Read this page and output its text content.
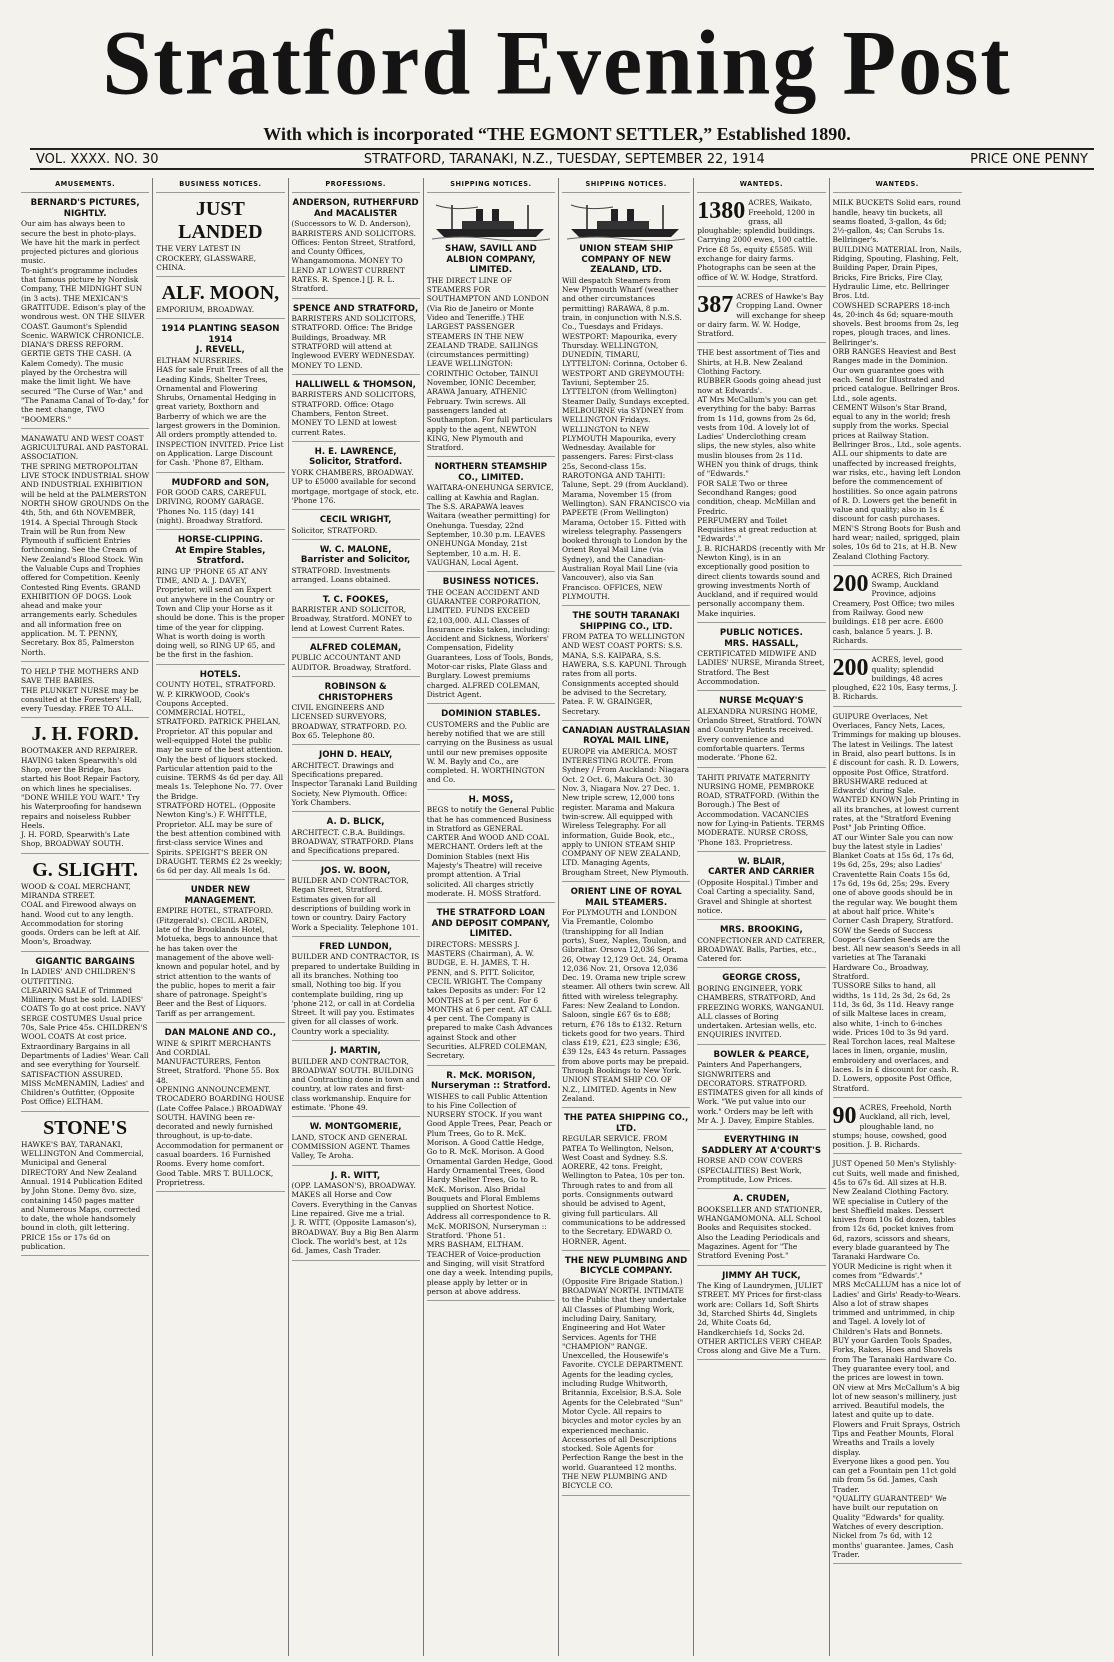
Stratford Evening Post
With which is incorporated “THE EGMONT SETTLER,” Established 1890.
VOL. XXXX. NO. 30	STRATFORD, TARANAKI, N.Z., TUESDAY, SEPTEMBER 22, 1914	PRICE ONE PENNY
AMUSEMENTS.
BERNARD'S PICTURES,
NIGHTLY.
Our aim has always been to secure the best in photo-plays. We have hit the mark in perfect projected pictures and glorious music.
To-night's programme includes that famous picture by Nordisk Company, THE MIDNIGHT SUN (in 3 acts). THE MEXICAN'S GRATITUDE. Edison's play of the wondrous west. ON THE SILVER COAST. Gaumont's Splendid Scenic. WARWICK CHRONICLE. DIANA'S DRESS REFORM. GERTIE GETS THE CASH. (A Kalem Comedy). The music played by the Orchestra will make the limit light. We have secured "The Curse of War," and "The Panama Canal of To-day," for the next change, TWO "BOOMERS."
MANAWATU AND WEST COAST AGRICULTURAL AND PASTORAL ASSOCIATION.
THE SPRING METROPOLITAN LIVE STOCK INDUSTRIAL SHOW AND INDUSTRIAL EXHIBITION will be held at the PALMERSTON NORTH SHOW GROUNDS On the 4th, 5th, and 6th NOVEMBER, 1914. A Special Through Stock Train will be Run from New Plymouth if sufficient Entries forthcoming. See the Cream of New Zealand's Blood Stock. Win the Valuable Cups and Trophies offered for Competition. Keenly Contested Ring Events. GRAND EXHIBITION OF DOGS. Look ahead and make your arrangements early. Schedules and all information free on application. M. T. PENNY, Secretary. Box 85, Palmerston North.
TO HELP THE MOTHERS AND SAVE THE BABIES.
THE PLUNKET NURSE may be consulted at the Foresters' Hall, every Tuesday. FREE TO ALL.
J. H. FORD.
BOOTMAKER AND REPAIRER. HAVING taken Spearwith's old Shop, over the Bridge, has started his Boot Repair Factory, on which lines he specialises. "DONE WHILE YOU WAIT." Try his Waterproofing for handsewn repairs and noiseless Rubber Heels.
J. H. FORD, Spearwith's Late Shop, BROADWAY SOUTH.
G. SLIGHT.
WOOD & COAL MERCHANT, MIRANDA STREET.
COAL and Firewood always on hand. Wood cut to any length. Accommodation for storing goods. Orders can be left at Alf. Moon's, Broadway.
GIGANTIC BARGAINS
In LADIES' AND CHILDREN'S OUTFITTING.
CLEARING SALE of Trimmed Millinery. Must be sold. LADIES' COATS To go at cost price. NAVY SERGE COSTUMES Usual price 70s, Sale Price 45s. CHILDREN'S WOOL COATS At cost price. Extraordinary Bargains in all Departments of Ladies' Wear. Call and see everything for Yourself. SATISFACTION ASSURED.
MISS McMENAMIN, Ladies' and Children's Outfitter, (Opposite Post Office) ELTHAM.
STONE'S
HAWKE'S BAY, TARANAKI, WELLINGTON And Commercial, Municipal and General DIRECTORY And New Zealand Annual. 1914 Publication Edited by John Stone. Demy 8vo. size, containing 1450 pages matter and Numerous Maps, corrected to date, the whole handsomely bound in cloth, gilt lettering. PRICE 15s or 17s 6d on publication.
BUSINESS NOTICES.
JUST
LANDED
THE VERY LATEST IN CROCKERY, GLASSWARE, CHINA.
ALF. MOON,
EMPORIUM, BROADWAY.
1914 PLANTING SEASON 1914
J. REVELL,
ELTHAM NURSERIES.
HAS for sale Fruit Trees of all the Leading Kinds, Shelter Trees, Ornamental and Flowering Shrubs, Ornamental Hedging in great variety, Boxthorn and Barberry of which we are the largest growers in the Dominion. All orders promptly attended to. INSPECTION INVITED. Price List on Application. Large Discount for Cash. 'Phone 87, Eltham.
MUDFORD and SON,
FOR GOOD CARS, CAREFUL DRIVING, ROOMY GARAGE. 'Phones No. 115 (day) 141 (night). Broadway Stratford.
HORSE-CLIPPING.
At Empire Stables, Stratford.
RING UP 'PHONE 65 AT ANY TIME, AND A. J. DAVEY, Proprietor, will send an Expert out anywhere in the Country or Town and Clip your Horse as it should be done. This is the proper time of the year for clipping. What is worth doing is worth doing well, so RING UP 65, and be the first in the fashion.
HOTELS.
COUNTY HOTEL, STRATFORD. W. P. KIRKWOOD, Cook's Coupons Accepted.
COMMERCIAL HOTEL, STRATFORD. PATRICK PHELAN, Proprietor. AT this popular and well-equipped Hotel the public may be sure of the best attention. Only the best of liquors stocked. Particular attention paid to the cuisine. TERMS 4s 6d per day. All meals 1s. Telephone No. 77. Over the Bridge.
STRATFORD HOTEL. (Opposite Newton King's.) F. WHITTLE, Proprietor. ALL may be sure of the best attention combined with first-class service Wines and Spirits. SPEIGHT'S BEER ON DRAUGHT. TERMS £2 2s weekly; 6s 6d per day. All meals 1s 6d.
UNDER NEW MANAGEMENT.
EMPIRE HOTEL, STRATFORD. (Fitzgerald's). CECIL ARDEN, late of the Brooklands Hotel, Motueka, begs to announce that he has taken over the management of the above well-known and popular hotel, and by strict attention to the wants of the public, hopes to merit a fair share of patronage. Speight's Beer and the Best of Liquors. Tariff as per arrangement.
DAN MALONE AND CO.,
WINE & SPIRIT MERCHANTS And CORDIAL MANUFACTURERS, Fenton Street, Stratford. 'Phone 55. Box 48.
OPENING ANNOUNCEMENT. TROCADERO BOARDING HOUSE (Late Coffee Palace.) BROADWAY SOUTH. HAVING been re-decorated and newly furnished throughout, is up-to-date. Accommodation for permanent or casual boarders. 16 Furnished Rooms. Every home comfort. Good Table. MRS T. BULLOCK, Proprietress.
PROFESSIONS.
ANDERSON, RUTHERFURD
And MACALISTER
(Successors to W. D. Anderson), BARRISTERS AND SOLICITORS. Offices: Fenton Street, Stratford, and County Offices, Whangamomona. MONEY TO LEND AT LOWEST CURRENT RATES. R. Spence.] [J. R. L. Stratford.
SPENCE AND STRATFORD,
BARRISTERS AND SOLICITORS, STRATFORD. Office: The Bridge Buildings, Broadway. MR STRATFORD will attend at Inglewood EVERY WEDNESDAY. MONEY TO LEND.
HALLIWELL & THOMSON,
BARRISTERS AND SOLICITORS, STRATFORD. Office: Otago Chambers, Fenton Street. MONEY TO LEND at lowest current Rates.
H. E. LAWRENCE,
Solicitor, Stratford.
YORK CHAMBERS, BROADWAY. UP to £5000 available for second mortgage, mortgage of stock, etc. 'Phone 176.
CECIL WRIGHT,
Solicitor, STRATFORD.
W. C. MALONE,
Barrister and Solicitor,
STRATFORD. Investments arranged. Loans obtained.
T. C. FOOKES,
BARRISTER AND SOLICITOR, Broadway, Stratford. MONEY to lend at Lowest Current Rates.
ALFRED COLEMAN,
PUBLIC ACCOUNTANT AND AUDITOR. Broadway, Stratford.
ROBINSON & CHRISTOPHERS
CIVIL ENGINEERS AND LICENSED SURVEYORS, BROADWAY, STRATFORD. P.O. Box 65. Telephone 80.
JOHN D. HEALY,
ARCHITECT. Drawings and Specifications prepared. Inspector Taranaki Land Building Society, New Plymouth. Office: York Chambers.
A. D. BLICK,
ARCHITECT. C.B.A. Buildings. BROADWAY, STRATFORD. Plans and Specifications prepared.
JOS. W. BOON,
BUILDER AND CONTRACTOR, Regan Street, Stratford. Estimates given for all descriptions of building work in town or country. Dairy Factory Work a Speciality. Telephone 101.
FRED LUNDON,
BUILDER AND CONTRACTOR, IS prepared to undertake Building in all its branches. Nothing too small, Nothing too big. If you contemplate building, ring up 'phone 212, or call in at Cordelia Street. It will pay you. Estimates given for all classes of work. Country work a speciality.
J. MARTIN,
BUILDER AND CONTRACTOR, BROADWAY SOUTH. BUILDING and Contracting done in town and country, at low rates and first-class workmanship. Enquire for estimate. 'Phone 49.
W. MONTGOMERIE,
LAND, STOCK AND GENERAL COMMISSION AGENT. Thames Valley, Te Aroha.
J. R. WITT,
(OPP. LAMASON'S), BROADWAY. MAKES all Horse and Cow Covers. Everything in the Canvas Line repaired. Give me a trial.
J. R. WITT, (Opposite Lamason's), BROADWAY. Buy a Big Ben Alarm Clock. The world's best, at 12s 6d. James, Cash Trader.
SHIPPING NOTICES.
SHAW, SAVILL AND ALBION COMPANY, LIMITED.
THE DIRECT LINE OF STEAMERS FOR SOUTHAMPTON AND LONDON (Via Rio de Janeiro or Monte Video and Teneriffe.) THE LARGEST PASSENGER STEAMERS IN THE NEW ZEALAND TRADE. SAILINGS (circumstances permitting) LEAVE WELLINGTON: CORINTHIC October, TAINUI November, IONIC December, ARAWA January, ATHENIC February. Twin screws. All passengers landed at Southampton. For full particulars apply to the agent, NEWTON KING, New Plymouth and Stratford.
NORTHERN STEAMSHIP CO., LIMITED.
WAITARA-ONEHUNGA SERVICE, calling at Kawhia and Raglan. The S.S. ARAPAWA leaves Waitara (weather permitting) for Onehunga. Tuesday, 22nd September, 10.30 p.m. LEAVES ONEHUNGA Monday, 21st September, 10 a.m. H. E. VAUGHAN, Local Agent.
BUSINESS NOTICES.
THE OCEAN ACCIDENT AND GUARANTEE CORPORATION, LIMITED. FUNDS EXCEED £2,103,000. ALL Classes of Insurance risks taken, including: Accident and Sickness, Workers' Compensation, Fidelity Guarantees, Loss of Tools, Bonds, Motor-car risks, Plate Glass and Burglary. Lowest premiums charged. ALFRED COLEMAN, District Agent.
DOMINION STABLES.
CUSTOMERS and the Public are hereby notified that we are still carrying on the Business as usual until our new premises opposite W. M. Bayly and Co., are completed. H. WORTHINGTON and Co.
H. MOSS,
BEGS to notify the General Public that he has commenced Business in Stratford as GENERAL CARTER And WOOD AND COAL MERCHANT. Orders left at the Dominion Stables (next His Majesty's Theatre) will receive prompt attention. A Trial solicited. All charges strictly moderate. H. MOSS Stratford.
THE STRATFORD LOAN AND DEPOSIT COMPANY, LIMITED.
DIRECTORS: MESSRS J. MASTERS (Chairman), A. W. BUDGE, E. H. JAMES, T. H. PENN, and S. PITT. Solicitor, CECIL WRIGHT. The Company takes Deposits as under: For 12 MONTHS at 5 per cent. For 6 MONTHS at 6 per cent. AT CALL 4 per cent. The Company is prepared to make Cash Advances against Stock and other Securities. ALFRED COLEMAN, Secretary.
R. McK. MORISON,
Nurseryman :: Stratford.
WISHES to call Public Attention to his Fine Collection of NURSERY STOCK. If you want Good Apple Trees, Pear, Peach or Plum Trees, Go to R. McK. Morison. A Good Cattle Hedge, Go to R. McK. Morison. A Good Ornamental Garden Hedge, Good Hardy Ornamental Trees, Good Hardy Shelter Trees, Go to R. McK. Morison. Also Bridal Bouquets and Floral Emblems supplied on Shortest Notice. Address all correspondence to R. McK. MORISON, Nurseryman :: Stratford. 'Phone 51.
MRS BASHAM, ELTHAM. TEACHER of Voice-production and Singing, will visit Stratford one day a week. Intending pupils, please apply by letter or in person at above address.
SHIPPING NOTICES.
UNION STEAM SHIP COMPANY OF NEW ZEALAND, LTD.
Will despatch Steamers from New Plymouth Wharf (weather and other circumstances permitting) RARAWA, 8 p.m. train, in conjunction with N.S.S. Co., Tuesdays and Fridays. WESTPORT: Mapourika, every Thursday. WELLINGTON, DUNEDIN, TIMARU, LYTTELTON: Corinna, October 6. WESTPORT AND GREYMOUTH: Taviuni, September 25. LYTTELTON (from Wellington) Steamer Daily, Sundays excepted. MELBOURNE via SYDNEY from WELLINGTON Fridays. WELLINGTON to NEW PLYMOUTH Mapourika, every Wednesday. Available for passengers. Fares: First-class 25s, Second-class 15s. RAROTONGA AND TAHITI: Talune, Sept. 29 (from Auckland). Marama, November 15 (from Wellington). SAN FRANCISCO via PAPEETE (From Wellington) Marama, October 15. Fitted with wireless telegraphy. Passengers booked through to London by the Orient Royal Mail Line (via Sydney), and the Canadian-Australian Royal Mail Line (via Vancouver), also via San Francisco. OFFICES, NEW PLYMOUTH.
THE SOUTH TARANAKI SHIPPING CO., LTD.
FROM PATEA TO WELLINGTON AND WEST COAST PORTS: S.S. MANA, S.S. KAIPARA, S.S. HAWERA, S.S. KAPUNI. Through rates from all ports. Consignments accepted should be advised to the Secretary, Patea. F. W. GRAINGER, Secretary.
CANADIAN AUSTRALASIAN ROYAL MAIL LINE,
EUROPE via AMERICA. MOST INTERESTING ROUTE. From Sydney / From Auckland: Niagara Oct. 2 Oct. 6, Makura Oct. 30 Nov. 3, Niagara Nov. 27 Dec. 1. New triple screw, 12,000 tons register. Marama and Makura twin-screw. All equipped with Wireless Telegraphy. For all information, Guide Book, etc., apply to UNION STEAM SHIP COMPANY OF NEW ZEALAND, LTD. Managing Agents, Brougham Street, New Plymouth.
ORIENT LINE OF ROYAL MAIL STEAMERS.
For PLYMOUTH and LONDON Via Fremantle, Colombo (transhipping for all Indian ports), Suez, Naples, Toulon, and Gibraltar. Orsova 12,036 Sept. 26, Otway 12,129 Oct. 24, Orama 12,036 Nov. 21, Orsova 12,036 Dec. 19. Orama new triple screw steamer. All others twin screw. All fitted with wireless telegraphy. Fares: New Zealand to London. Saloon, single £67 6s to £88; return, £76 18s to £132. Return tickets good for two years. Third class £19, £21, £23 single; £36, £39 12s, £43 4s return. Passages from above ports may be prepaid. Through Bookings to New York. UNION STEAM SHIP CO. OF N.Z., LIMITED. Agents in New Zealand.
THE PATEA SHIPPING CO., LTD.
REGULAR SERVICE. FROM PATEA To Wellington, Nelson, West Coast and Sydney. S.S. AORERE, 42 tons. Freight, Wellington to Patea, 10s per ton. Through rates to and from all ports. Consignments outward should be advised to Agent, giving full particulars. All communications to be addressed to the Secretary. EDWARD O. HORNER, Agent.
THE NEW PLUMBING AND BICYCLE COMPANY.
(Opposite Fire Brigade Station.) BROADWAY NORTH. INTIMATE to the Public that they undertake All Classes of Plumbing Work, including Dairy, Sanitary, Engineering and Hot Water Services. Agents for THE "CHAMPION" RANGE. Unexcelled, the Housewife's Favorite. CYCLE DEPARTMENT. Agents for the leading cycles, including Rudge Whitworth, Britannia, Excelsior, B.S.A. Sole Agents for the Celebrated "Sun" Motor Cycle. All repairs to bicycles and motor cycles by an experienced mechanic. Accessories of all Descriptions stocked. Sole Agents for Perfection Range the best in the world. Guaranteed 12 months. THE NEW PLUMBING AND BICYCLE CO.
WANTEDS.
1380 ACRES, Waikato, Freehold, 1200 in grass, all ploughable; splendid buildings. Carrying 2000 ewes, 100 cattle. Price £8 5s, equity £5585. Will exchange for dairy farms. Photographs can be seen at the office of W. W. Hodge, Stratford.
387 ACRES of Hawke's Bay Cropping Land. Owner will exchange for sheep or dairy farm. W. W. Hodge, Stratford.
THE best assortment of Ties and Shirts, at H.B. New Zealand Clothing Factory.
RUBBER Goods going ahead just now at Edwards'.
AT Mrs McCallum's you can get everything for the baby: Barras from 1s 11d, gowns from 2s 6d, vests from 10d. A lovely lot of Ladies' Underclothing cream slips, the new styles, also white muslin blouses from 2s 11d.
WHEN you think of drugs, think of "Edwards."
FOR SALE Two or three Secondhand Ranges; good condition, cheap. McMillan and Fredric.
PERFUMERY and Toilet Requisites at great reduction at "Edwards'."
J. B. RICHARDS (recently with Mr Newton King), is in an exceptionally good position to direct clients towards sound and growing investments North of Auckland, and if required would personally accompany them. Make inquiries.
PUBLIC NOTICES.
MRS. HASSALL,
CERTIFICATED MIDWIFE AND LADIES' NURSE, Miranda Street, Stratford. The Best Accommodation.
NURSE McQUAY'S
ALEXANDRA NURSING HOME, Orlando Street, Stratford. TOWN and Country Patients received. Every convenience and comfortable quarters. Terms moderate. 'Phone 62.
TAHITI PRIVATE MATERNITY NURSING HOME, PEMBROKE ROAD, STRATFORD. (Within the Borough.) The Best of Accommodation. VACANCIES now for Lying-in Patients. TERMS MODERATE. NURSE CROSS, 'Phone 183. Proprietress.
W. BLAIR,
CARTER AND CARRIER
(Opposite Hospital.) Timber and Coal Carting a speciality. Sand, Gravel and Shingle at shortest notice.
MRS. BROOKING,
CONFECTIONER AND CATERER, BROADWAY. Balls, Parties, etc., Catered for.
GEORGE CROSS,
BORING ENGINEER, YORK CHAMBERS, STRATFORD, And FREEZING WORKS, WANGANUI. ALL classes of Boring undertaken. Artesian wells, etc. ENQUIRIES INVITED.
BOWLER & PEARCE,
Painters And Paperhangers, SIGNWRITERS and DECORATORS. STRATFORD. ESTIMATES given for all kinds of Work. "We put value into our work." Orders may be left with Mr A. J. Davey, Empire Stables.
EVERYTHING IN SADDLERY AT A'COURT'S
HORSE AND COW COVERS (SPECIALITIES) Best Work, Promptitude, Low Prices.
A. CRUDEN,
BOOKSELLER AND STATIONER, WHANGAMOMONA. ALL School Books and Requisites stocked. Also the Leading Periodicals and Magazines. Agent for "The Stratford Evening Post."
JIMMY AH TUCK,
The King of Laundrymen, JULIET STREET. MY Prices for first-class work are: Collars 1d, Soft Shirts 3d, Starched Shirts 4d, Singlets 2d, White Coats 6d, Handkerchiefs 1d, Socks 2d. OTHER ARTICLES VERY CHEAP. Cross along and Give Me a Turn.
WANTEDS.
MILK BUCKETS Solid ears, round handle, heavy tin buckets, all seams floated, 3-gallon, 4s 6d; 2½-gallon, 4s; Can Scrubs 1s. Bellringer's.
BUILDING MATERIAL Iron, Nails, Ridging, Spouting, Flashing, Felt, Building Paper, Drain Pipes, Bricks, Fire Bricks, Fire Clay, Hydraulic Lime, etc. Bellringer Bros. Ltd.
COWSHED SCRAPERS 18-inch 4s, 20-inch 4s 6d; square-mouth shovels. Best brooms from 2s, leg ropes, plough traces, and lines. Bellringer's.
ORB RANGES Heaviest and Best Ranges made in the Dominion. Our own guarantee goes with each. Send for Illustrated and priced catalogue. Bellringer Bros. Ltd., sole agents.
CEMENT Wilson's Star Brand, equal to any in the world; fresh supply from the works. Special prices at Railway Station. Bellringer Bros., Ltd., sole agents.
ALL our shipments to date are unaffected by increased freights, war risks, etc., having left London before the commencement of hostilities. So once again patrons of R. D. Lowers get the benefit in value and quality; also in 1s £ discount for cash purchases.
MEN'S Strong Boots for Bush and hard wear; nailed, sprigged, plain soles, 10s 6d to 21s, at H.B. New Zealand Clothing Factory.
200 ACRES, Rich Drained Swamp, Auckland Province, adjoins Creamery, Post Office; two miles from Railway. Good new buildings. £18 per acre. £600 cash, balance 5 years. J. B. Richards.
200 ACRES, level, good quality; splendid buildings, 48 acres ploughed, £22 10s, Easy terms, J. B. Richards.
GUIPURE Overlaces, Net Overlaces, Fancy Nets, Laces, Trimmings for making up blouses. The latest in Veilings. The latest in Braid, also pearl buttons. Is in £ discount for cash. R. D. Lowers, opposite Post Office, Stratford.
BRUSHWARE reduced at Edwards' during Sale.
WANTED KNOWN Job Printing in all its branches, at lowest current rates, at the "Stratford Evening Post" Job Printing Office.
AT our Winter Sale you can now buy the latest style in Ladies' Blanket Coats at 15s 6d, 17s 6d, 19s 6d, 25s, 29s; also Ladies' Craventette Rain Coats 15s 6d, 17s 6d, 19s 6d, 25s; 29s. Every one of above goods should be in the regular way. We bought them at about half price. White's Corner Cash Drapery, Stratford.
SOW the Seeds of Success Cooper's Garden Seeds are the best. All new season's Seeds in all varieties at The Taranaki Hardware Co., Broadway, Stratford.
TUSSORE Silks to hand, all widths, 1s 11d, 2s 3d, 2s 6d, 2s 11d, 3s 6d, 3s 11d. Heavy range of silk Maltese laces in cream, also white, 1-inch to 6-inches wide. Prices 10d to 3s 9d yard. Real Torchon laces, real Maltese laces in linen, organie, muslin, embroidery and overlaces, and laces. Is in £ discount for cash. R. D. Lowers, opposite Post Office, Stratford.
90 ACRES, Freehold, North Auckland, all rich, level, ploughable land, no stumps; house, cowshed, good position. J. B. Richards.
JUST Opened 50 Men's Stylishly-cut Suits, well made and finished, 45s to 67s 6d. All sizes at H.B. New Zealand Clothing Factory.
WE specialise in Cutlery of the best Sheffield makes. Dessert knives from 10s 6d dozen, tables from 12s 6d, pocket knives from 6d, razors, scissors and shears, every blade guaranteed by The Taranaki Hardware Co.
YOUR Medicine is right when it comes from "Edwards'."
MRS McCALLUM has a nice lot of Ladies' and Girls' Ready-to-Wears. Also a lot of straw shapes trimmed and untrimmed, in chip and Tagel. A lovely lot of Children's Hats and Bonnets.
BUY your Garden Tools Spades, Forks, Rakes, Hoes and Shovels from The Taranaki Hardware Co. They guarantee every tool, and the prices are lowest in town.
ON view at Mrs McCallum's A big lot of new season's millinery, just arrived. Beautiful models, the latest and quite up to date. Flowers and Fruit Sprays, Ostrich Tips and Feather Mounts, Floral Wreaths and Trails a lovely display.
Everyone likes a good pen. You can get a Fountain pen 11ct gold nib from 5s 6d. James, Cash Trader.
"QUALITY GUARANTEED" We have built our reputation on Quality "Edwards" for quality.
Watches of every description. Nickel from 7s 6d, with 12 months' guarantee. James, Cash Trader.
